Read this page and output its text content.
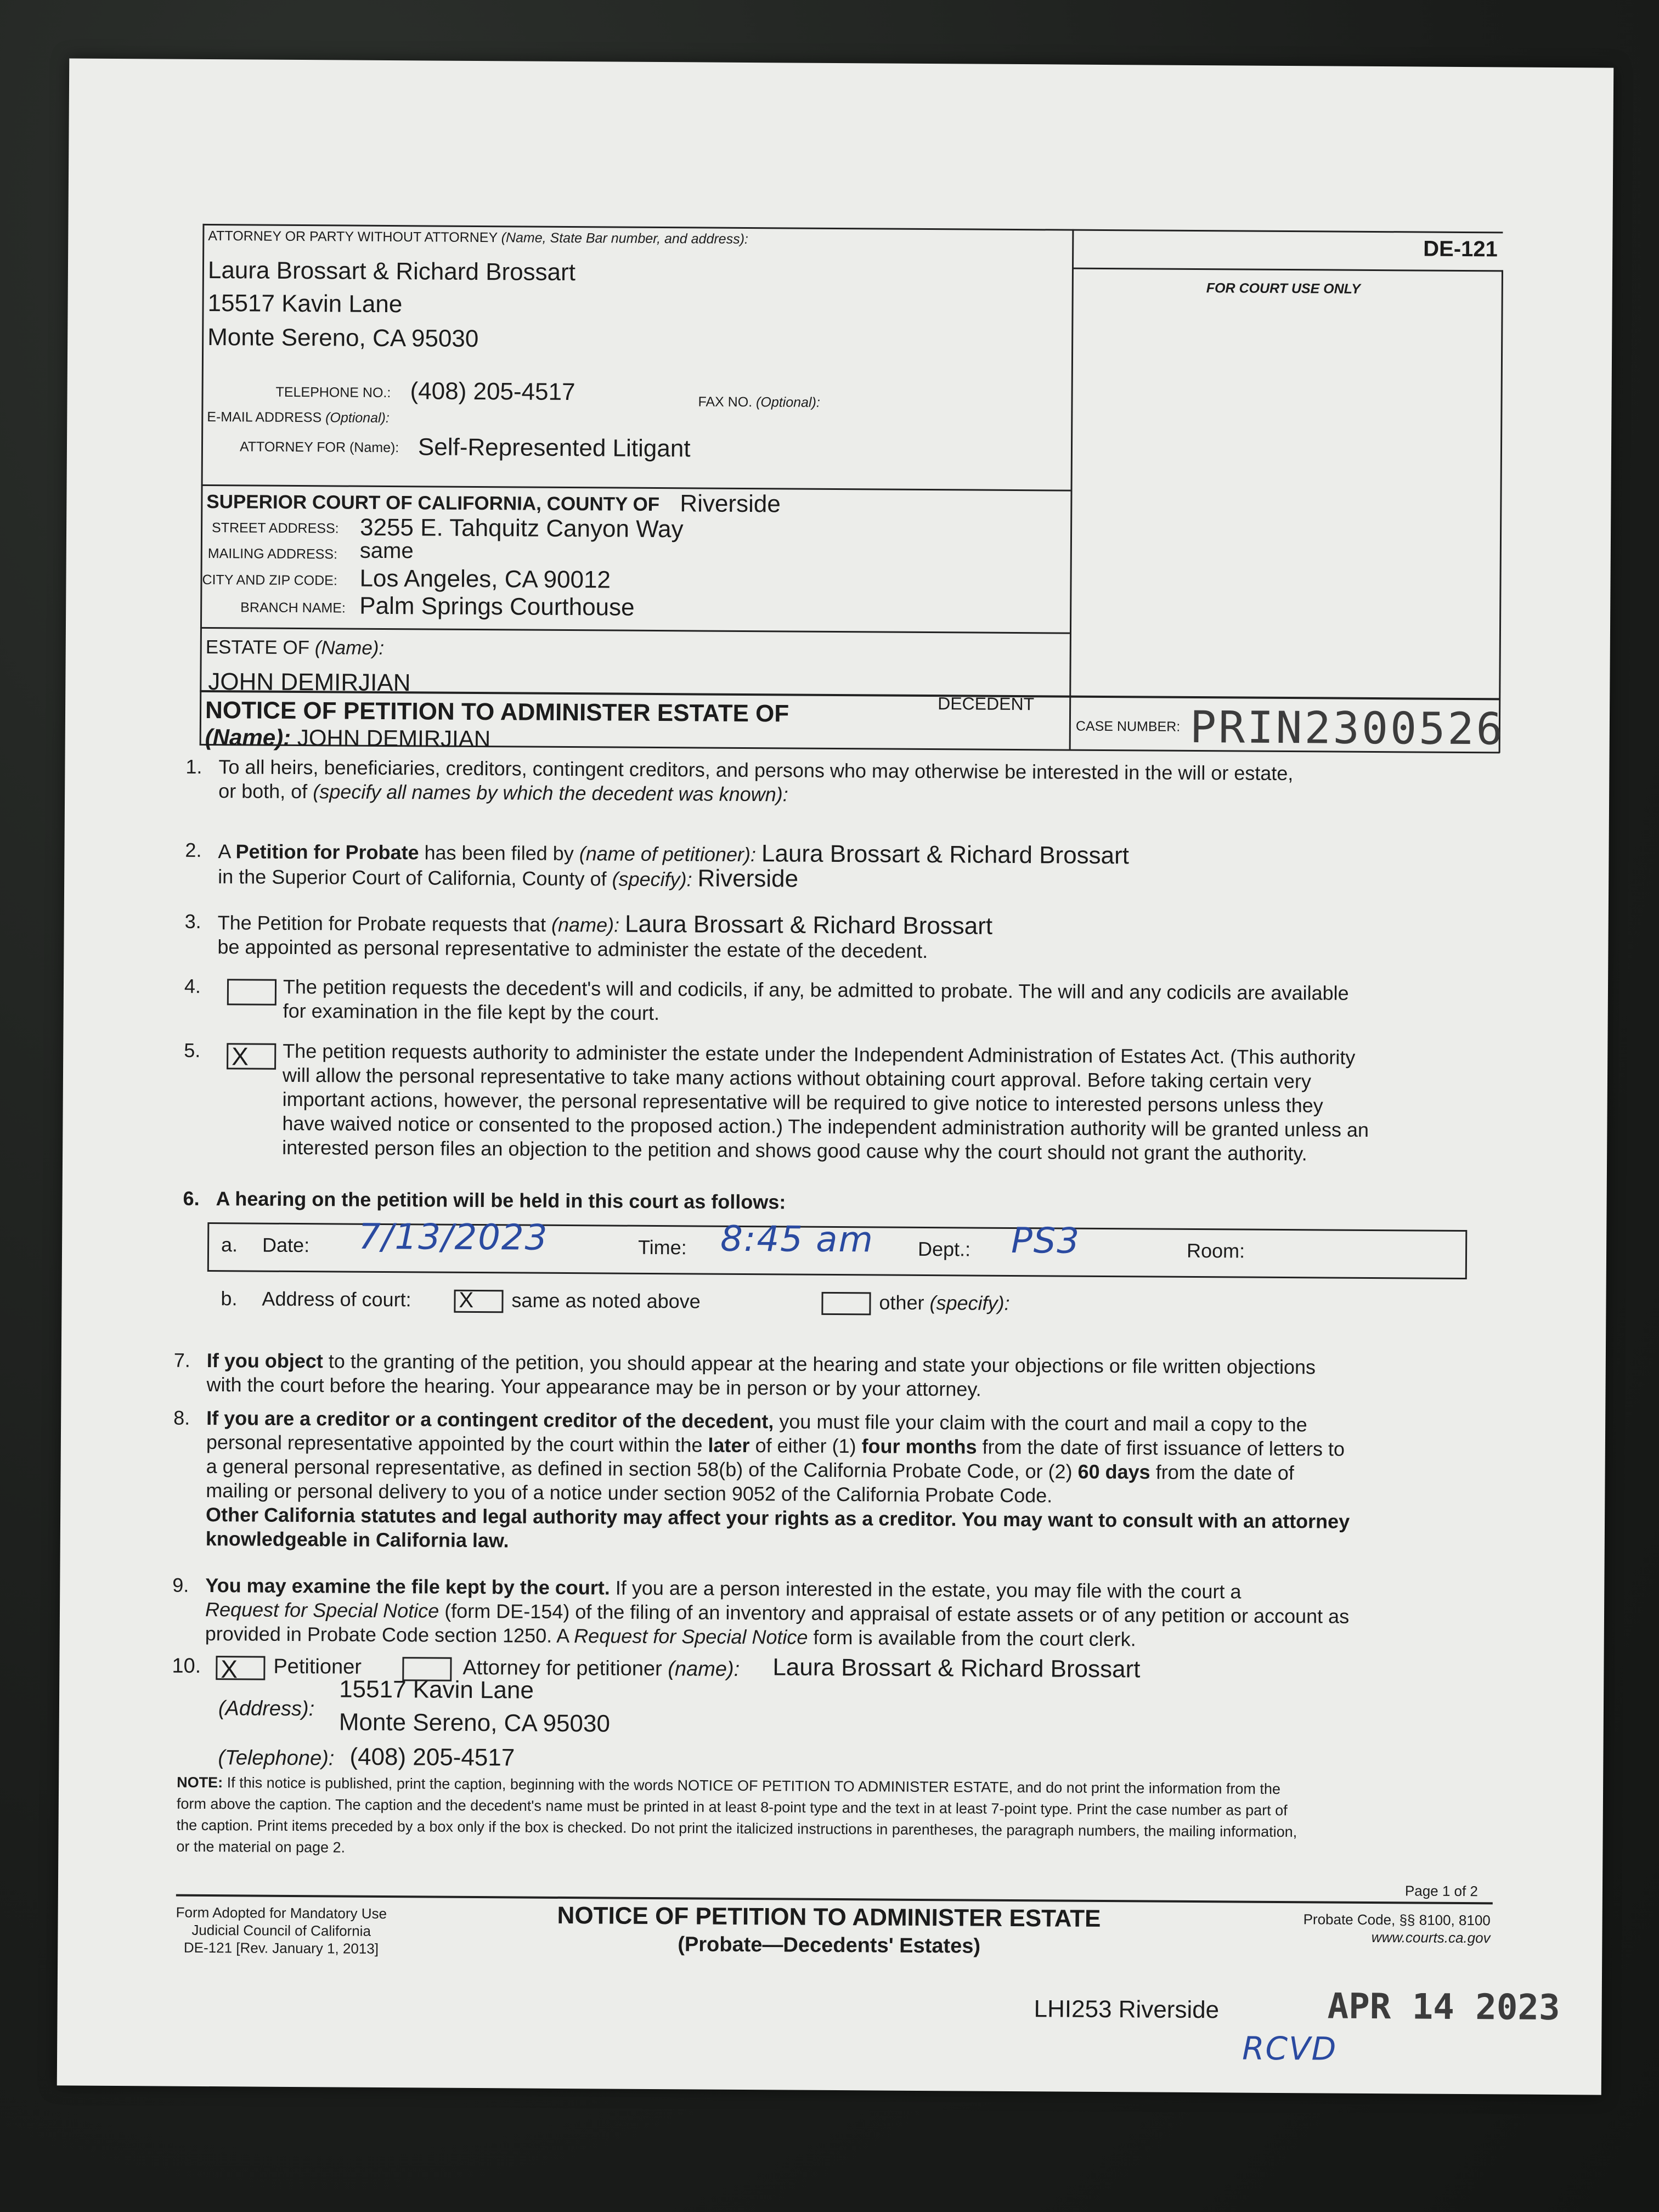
DE-121
FOR COURT USE ONLY
ATTORNEY OR PARTY WITHOUT ATTORNEY (Name, State Bar number, and address):
Laura Brossart & Richard Brossart
15517 Kavin Lane
Monte Sereno, CA 95030
TELEPHONE NO.: (408) 205-4517	FAX NO. (Optional):
E-MAIL ADDRESS (Optional):
ATTORNEY FOR (Name): Self-Represented Litigant
SUPERIOR COURT OF CALIFORNIA, COUNTY OF Riverside
STREET ADDRESS: 3255 E. Tahquitz Canyon Way
MAILING ADDRESS: same
CITY AND ZIP CODE: Los Angeles, CA 90012
BRANCH NAME: Palm Springs Courthouse
ESTATE OF (Name):
JOHN DEMIRJIAN
DECEDENT
NOTICE OF PETITION TO ADMINISTER ESTATE OF
(Name): JOHN DEMIRJIAN	CASE NUMBER: PRIN2300526
1. To all heirs, beneficiaries, creditors, contingent creditors, and persons who may otherwise be interested in the will or estate,
or both, of (specify all names by which the decedent was known):
2. A Petition for Probate has been filed by (name of petitioner): Laura Brossart & Richard Brossart
in the Superior Court of California, County of (specify): Riverside
3. The Petition for Probate requests that (name): Laura Brossart & Richard Brossart
be appointed as personal representative to administer the estate of the decedent.
4.	The petition requests the decedent's will and codicils, if any, be admitted to probate. The will and any codicils are available
for examination in the file kept by the court.
5. X The petition requests authority to administer the estate under the Independent Administration of Estates Act. (This authority
will allow the personal representative to take many actions without obtaining court approval. Before taking certain very
important actions, however, the personal representative will be required to give notice to interested persons unless they
have waived notice or consented to the proposed action.) The independent administration authority will be granted unless an
interested person files an objection to the petition and shows good cause why the court should not grant the authority.
6. A hearing on the petition will be held in this court as follows:
a. Date: 7/13/2023	Time: 8:45 am Dept.: PS3	Room:
b. Address of court: X same as noted above	other (specify):
7. If you object to the granting of the petition, you should appear at the hearing and state your objections or file written objections
with the court before the hearing. Your appearance may be in person or by your attorney.
8. If you are a creditor or a contingent creditor of the decedent, you must file your claim with the court and mail a copy to the
personal representative appointed by the court within the later of either (1) four months from the date of first issuance of letters to
a general personal representative, as defined in section 58(b) of the California Probate Code, or (2) 60 days from the date of
mailing or personal delivery to you of a notice under section 9052 of the California Probate Code.
Other California statutes and legal authority may affect your rights as a creditor. You may want to consult with an attorney
knowledgeable in California law.
9. You may examine the file kept by the court. If you are a person interested in the estate, you may file with the court a
Request for Special Notice (form DE-154) of the filing of an inventory and appraisal of estate assets or of any petition or account as
provided in Probate Code section 1250. A Request for Special Notice form is available from the court clerk.
10. X Petitioner	Attorney for petitioner (name): Laura Brossart & Richard Brossart
(Address):
15517 Kavin Lane
Monte Sereno, CA 95030
(Telephone): (408) 205-4517
NOTE: If this notice is published, print the caption, beginning with the words NOTICE OF PETITION TO ADMINISTER ESTATE, and do not print the information from the
form above the caption. The caption and the decedent's name must be printed in at least 8-point type and the text in at least 7-point type. Print the case number as part of
the caption. Print items preceded by a box only if the box is checked. Do not print the italicized instructions in parentheses, the paragraph numbers, the mailing information,
or the material on page 2.
Page 1 of 2
Form Adopted for Mandatory Use
Judicial Council of California
DE-121 [Rev. January 1, 2013]
NOTICE OF PETITION TO ADMINISTER ESTATE
(Probate—Decedents' Estates)
Probate Code, §§ 8100, 8100
www.courts.ca.gov
LHI253 Riverside	APR 14 2023
RCVD
